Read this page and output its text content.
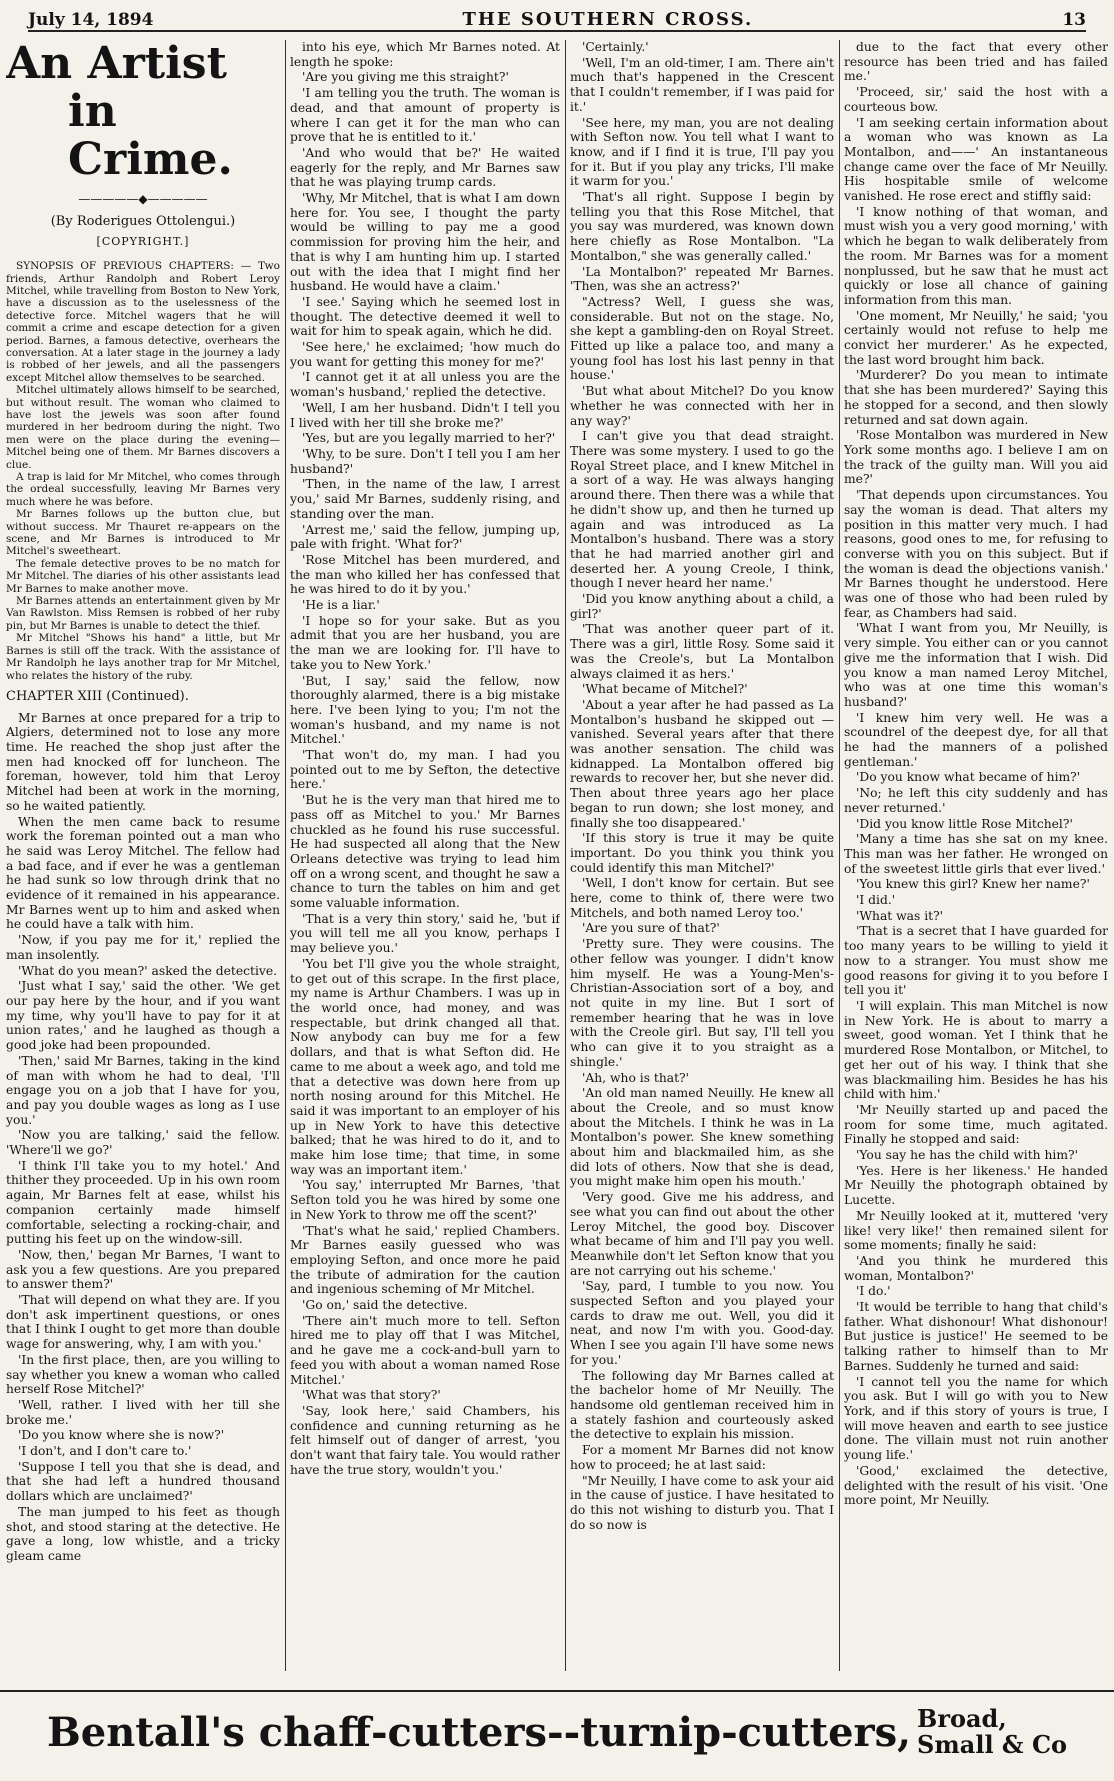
July 14, 1894	THE SOUTHERN CROSS.	13
An Artist
in Crime.
—————◆—————
(By Roderigues Ottolengui.)
[COPYRIGHT.]

SYNOPSIS OF PREVIOUS CHAPTERS: — Two friends, Arthur Randolph and Robert Leroy Mitchel, while travelling from Boston to New York, have a discussion as to the uselessness of the detective force. Mitchel wagers that he will commit a crime and escape detection for a given period. Barnes, a famous detective, overhears the conversation. At a later stage in the journey a lady is robbed of her jewels, and all the passengers except Mitchel allow themselves to be searched.

Mitchel ultimately allows himself to be searched, but without result. The woman who claimed to have lost the jewels was soon after found murdered in her bedroom during the night. Two men were on the place during the evening—Mitchel being one of them. Mr Barnes discovers a clue.

A trap is laid for Mr Mitchel, who comes through the ordeal successfully, leaving Mr Barnes very much where he was before.

Mr Barnes follows up the button clue, but without success. Mr Thauret re-appears on the scene, and Mr Barnes is introduced to Mr Mitchel's sweetheart.

The female detective proves to be no match for Mr Mitchel. The diaries of his other assistants lead Mr Barnes to make another move.

Mr Barnes attends an entertainment given by Mr Van Rawlston. Miss Remsen is robbed of her ruby pin, but Mr Barnes is unable to detect the thief.

Mr Mitchel "Shows his hand" a little, but Mr Barnes is still off the track. With the assistance of Mr Randolph he lays another trap for Mr Mitchel, who relates the history of the ruby.

CHAPTER XIII (Continued).

Mr Barnes at once prepared for a trip to Algiers, determined not to lose any more time. He reached the shop just after the men had knocked off for luncheon. The foreman, however, told him that Leroy Mitchel had been at work in the morning, so he waited patiently.

When the men came back to resume work the foreman pointed out a man who he said was Leroy Mitchel. The fellow had a bad face, and if ever he was a gentleman he had sunk so low through drink that no evidence of it remained in his appearance. Mr Barnes went up to him and asked when he could have a talk with him.

'Now, if you pay me for it,' replied the man insolently.

'What do you mean?' asked the detective.

'Just what I say,' said the other. 'We get our pay here by the hour, and if you want my time, why you'll have to pay for it at union rates,' and he laughed as though a good joke had been propounded.

'Then,' said Mr Barnes, taking in the kind of man with whom he had to deal, 'I'll engage you on a job that I have for you, and pay you double wages as long as I use you.'

'Now you are talking,' said the fellow. 'Where'll we go?'

'I think I'll take you to my hotel.' And thither they proceeded. Up in his own room again, Mr Barnes felt at ease, whilst his companion certainly made himself comfortable, selecting a rocking-chair, and putting his feet up on the window-sill.

'Now, then,' began Mr Barnes, 'I want to ask you a few questions. Are you prepared to answer them?'

'That will depend on what they are. If you don't ask impertinent questions, or ones that I think I ought to get more than double wage for answering, why, I am with you.'

'In the first place, then, are you willing to say whether you knew a woman who called herself Rose Mitchel?'

'Well, rather. I lived with her till she broke me.'

'Do you know where she is now?'

'I don't, and I don't care to.'

'Suppose I tell you that she is dead, and that she had left a hundred thousand dollars which are unclaimed?'

The man jumped to his feet as though shot, and stood staring at the detective. He gave a long, low whistle, and a tricky gleam came

into his eye, which Mr Barnes noted. At length he spoke:

'Are you giving me this straight?'

'I am telling you the truth. The woman is dead, and that amount of property is where I can get it for the man who can prove that he is entitled to it.'

'And who would that be?' He waited eagerly for the reply, and Mr Barnes saw that he was playing trump cards.

'Why, Mr Mitchel, that is what I am down here for. You see, I thought the party would be willing to pay me a good commission for proving him the heir, and that is why I am hunting him up. I started out with the idea that I might find her husband. He would have a claim.'

'I see.' Saying which he seemed lost in thought. The detective deemed it well to wait for him to speak again, which he did.

'See here,' he exclaimed; 'how much do you want for getting this money for me?'

'I cannot get it at all unless you are the woman's husband,' replied the detective.

'Well, I am her husband. Didn't I tell you I lived with her till she broke me?'

'Yes, but are you legally married to her?'

'Why, to be sure. Don't I tell you I am her husband?'

'Then, in the name of the law, I arrest you,' said Mr Barnes, suddenly rising, and standing over the man.

'Arrest me,' said the fellow, jumping up, pale with fright. 'What for?'

'Rose Mitchel has been murdered, and the man who killed her has confessed that he was hired to do it by you.'

'He is a liar.'

'I hope so for your sake. But as you admit that you are her husband, you are the man we are looking for. I'll have to take you to New York.'

'But, I say,' said the fellow, now thoroughly alarmed, there is a big mistake here. I've been lying to you; I'm not the woman's husband, and my name is not Mitchel.'

'That won't do, my man. I had you pointed out to me by Sefton, the detective here.'

'But he is the very man that hired me to pass off as Mitchel to you.' Mr Barnes chuckled as he found his ruse successful. He had suspected all along that the New Orleans detective was trying to lead him off on a wrong scent, and thought he saw a chance to turn the tables on him and get some valuable information.

'That is a very thin story,' said he, 'but if you will tell me all you know, perhaps I may believe you.'

'You bet I'll give you the whole straight, to get out of this scrape. In the first place, my name is Arthur Chambers. I was up in the world once, had money, and was respectable, but drink changed all that. Now anybody can buy me for a few dollars, and that is what Sefton did. He came to me about a week ago, and told me that a detective was down here from up north nosing around for this Mitchel. He said it was important to an employer of his up in New York to have this detective balked; that he was hired to do it, and to make him lose time; that time, in some way was an important item.'

'You say,' interrupted Mr Barnes, 'that Sefton told you he was hired by some one in New York to throw me off the scent?'

'That's what he said,' replied Chambers. Mr Barnes easily guessed who was employing Sefton, and once more he paid the tribute of admiration for the caution and ingenious scheming of Mr Mitchel.

'Go on,' said the detective.

'There ain't much more to tell. Sefton hired me to play off that I was Mitchel, and he gave me a cock-and-bull yarn to feed you with about a woman named Rose Mitchel.'

'What was that story?'

'Say, look here,' said Chambers, his confidence and cunning returning as he felt himself out of danger of arrest, 'you don't want that fairy tale. You would rather have the true story, wouldn't you.'

'Certainly.'

'Well, I'm an old-timer, I am. There ain't much that's happened in the Crescent that I couldn't remember, if I was paid for it.'

'See here, my man, you are not dealing with Sefton now. You tell what I want to know, and if I find it is true, I'll pay you for it. But if you play any tricks, I'll make it warm for you.'

'That's all right. Suppose I begin by telling you that this Rose Mitchel, that you say was murdered, was known down here chiefly as Rose Montalbon. "La Montalbon," she was generally called.'

'La Montalbon?' repeated Mr Barnes. 'Then, was she an actress?'

"Actress? Well, I guess she was, considerable. But not on the stage. No, she kept a gambling-den on Royal Street. Fitted up like a palace too, and many a young fool has lost his last penny in that house.'

'But what about Mitchel? Do you know whether he was connected with her in any way?'

I can't give you that dead straight. There was some mystery. I used to go the Royal Street place, and I knew Mitchel in a sort of a way. He was always hanging around there. Then there was a while that he didn't show up, and then he turned up again and was introduced as La Montalbon's husband. There was a story that he had married another girl and deserted her. A young Creole, I think, though I never heard her name.'

'Did you know anything about a child, a girl?'

'That was another queer part of it. There was a girl, little Rosy. Some said it was the Creole's, but La Montalbon always claimed it as hers.'

'What became of Mitchel?'

'About a year after he had passed as La Montalbon's husband he skipped out — vanished. Several years after that there was another sensation. The child was kidnapped. La Montalbon offered big rewards to recover her, but she never did. Then about three years ago her place began to run down; she lost money, and finally she too disappeared.'

'If this story is true it may be quite important. Do you think you think you could identify this man Mitchel?'

'Well, I don't know for certain. But see here, come to think of, there were two Mitchels, and both named Leroy too.'

'Are you sure of that?'

'Pretty sure. They were cousins. The other fellow was younger. I didn't know him myself. He was a Young-Men's-Christian-Association sort of a boy, and not quite in my line. But I sort of remember hearing that he was in love with the Creole girl. But say, I'll tell you who can give it to you straight as a shingle.'

'Ah, who is that?'

'An old man named Neuilly. He knew all about the Creole, and so must know about the Mitchels. I think he was in La Montalbon's power. She knew something about him and blackmailed him, as she did lots of others. Now that she is dead, you might make him open his mouth.'

'Very good. Give me his address, and see what you can find out about the other Leroy Mitchel, the good boy. Discover what became of him and I'll pay you well. Meanwhile don't let Sefton know that you are not carrying out his scheme.'

'Say, pard, I tumble to you now. You suspected Sefton and you played your cards to draw me out. Well, you did it neat, and now I'm with you. Good-day. When I see you again I'll have some news for you.'

The following day Mr Barnes called at the bachelor home of Mr Neuilly. The handsome old gentleman received him in a stately fashion and courteously asked the detective to explain his mission.

For a moment Mr Barnes did not know how to proceed; he at last said:

"Mr Neuilly, I have come to ask your aid in the cause of justice. I have hesitated to do this not wishing to disturb you. That I do so now is

due to the fact that every other resource has been tried and has failed me.'

'Proceed, sir,' said the host with a courteous bow.

'I am seeking certain information about a woman who was known as La Montalbon, and——' An instantaneous change came over the face of Mr Neuilly. His hospitable smile of welcome vanished. He rose erect and stiffly said:

'I know nothing of that woman, and must wish you a very good morning,' with which he began to walk deliberately from the room. Mr Barnes was for a moment nonplussed, but he saw that he must act quickly or lose all chance of gaining information from this man.

'One moment, Mr Neuilly,' he said; 'you certainly would not refuse to help me convict her murderer.' As he expected, the last word brought him back.

'Murderer? Do you mean to intimate that she has been murdered?' Saying this he stopped for a second, and then slowly returned and sat down again.

'Rose Montalbon was murdered in New York some months ago. I believe I am on the track of the guilty man. Will you aid me?'

'That depends upon circumstances. You say the woman is dead. That alters my position in this matter very much. I had reasons, good ones to me, for refusing to converse with you on this subject. But if the woman is dead the objections vanish.' Mr Barnes thought he understood. Here was one of those who had been ruled by fear, as Chambers had said.

'What I want from you, Mr Neuilly, is very simple. You either can or you cannot give me the information that I wish. Did you know a man named Leroy Mitchel, who was at one time this woman's husband?'

'I knew him very well. He was a scoundrel of the deepest dye, for all that he had the manners of a polished gentleman.'

'Do you know what became of him?'

'No; he left this city suddenly and has never returned.'

'Did you know little Rose Mitchel?'

'Many a time has she sat on my knee. This man was her father. He wronged on of the sweetest little girls that ever lived.'

'You knew this girl? Knew her name?'

'I did.'

'What was it?'

'That is a secret that I have guarded for too many years to be willing to yield it now to a stranger. You must show me good reasons for giving it to you before I tell you it'

'I will explain. This man Mitchel is now in New York. He is about to marry a sweet, good woman. Yet I think that he murdered Rose Montalbon, or Mitchel, to get her out of his way. I think that she was blackmailing him. Besides he has his child with him.'

'Mr Neuilly started up and paced the room for some time, much agitated. Finally he stopped and said:

'You say he has the child with him?'

'Yes. Here is her likeness.' He handed Mr Neuilly the photograph obtained by Lucette.

Mr Neuilly looked at it, muttered 'very like! very like!' then remained silent for some moments; finally he said:

'And you think he murdered this woman, Montalbon?'

'I do.'

'It would be terrible to hang that child's father. What dishonour! What dishonour! But justice is justice!' He seemed to be talking rather to himself than to Mr Barnes. Suddenly he turned and said:

'I cannot tell you the name for which you ask. But I will go with you to New York, and if this story of yours is true, I will move heaven and earth to see justice done. The villain must not ruin another young life.'

'Good,' exclaimed the detective, delighted with the result of his visit. 'One more point, Mr Neuilly.

Bentall's chaff-cutters--turnip-cutters, Broad,
Small & Co
